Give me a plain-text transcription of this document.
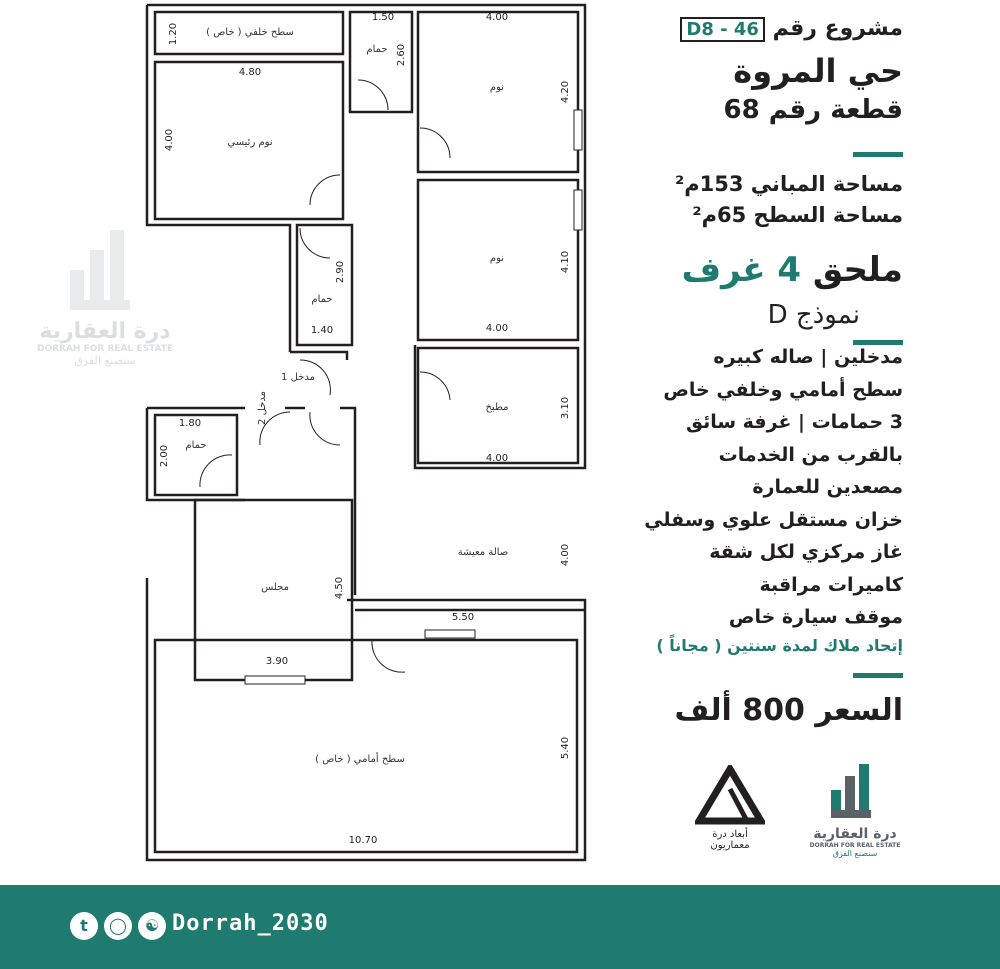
سطح خلفي ( خاص )
نوم رئيسي
حمام
نوم
نوم
حمام
مطبخ
مدخل 1
مدخل 2
حمام
صالة معيشة
مجلس
سطح أمامي ( خاص )
1.20
1.50
2.60
4.80
4.00
4.00
4.20
4.10
4.00
2.90
1.40
3.10
4.00
1.80
2.00
4.00
5.50
4.50
3.90
5.40
10.70
درة العقارية
DORRAH FOR REAL ESTATE
سنصنع الفرق
مشروع رقم D8 - 46
حي المروة
قطعة رقم 68
مساحة المباني 153م²
مساحة السطح 65م²
ملحق 4 غرف
نموذج D
مدخلين | صاله كبيره
سطح أمامي وخلفي خاص
3 حمامات | غرفة سائق
بالقرب من الخدمات
مصعدين للعمارة
خزان مستقل علوي وسفلي
غاز مركزي لكل شقة
كاميرات مراقبة
موقف سيارة خاص
إتحاد ملاك لمدة سنتين ( مجاناً )
السعر 800 ألف
أبعاد درة
معماريون
درة العقارية
DORRAH FOR REAL ESTATE
سنصنع الفرق
t	◯	☯ Dorrah_2030
